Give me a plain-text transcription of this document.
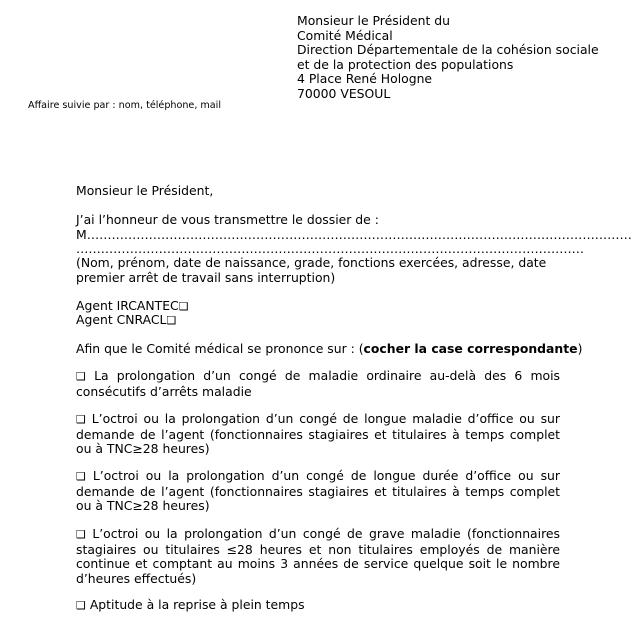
Monsieur le Président du
Comité Médical
Direction Départementale de la cohésion sociale
et de la protection des populations
4 Place René Hologne
70000 VESOUL
Affaire suivie par : nom, téléphone, mail
Monsieur le Président,
J’ai l’honneur de vous transmettre le dossier de :
M……………………………………………………………………………………………………………………
……………………………………………………………………………………………………………
(Nom, prénom, date de naissance, grade, fonctions exercées, adresse, date premier arrêt de travail sans interruption)
Agent IRCANTEC❑
Agent CNRACL❑
Afin que le Comité médical se prononce sur : (cocher la case correspondante)
❑ La prolongation d’un congé de maladie ordinaire au-delà des 6 mois consécutifs d’arrêts maladie
❑ L’octroi ou la prolongation d’un congé de longue maladie d’office ou sur demande de l’agent (fonctionnaires stagiaires et titulaires à temps complet ou à TNC≥28 heures)
❑ L’octroi ou la prolongation d’un congé de longue durée d’office ou sur demande de l’agent (fonctionnaires stagiaires et titulaires à temps complet ou à TNC≥28 heures)
❑ L’octroi ou la prolongation d’un congé de grave maladie (fonctionnaires stagiaires ou titulaires ≤28 heures et non titulaires employés de manière continue et comptant au moins 3 années de service quelque soit le nombre d’heures effectués)
❑ Aptitude à la reprise à plein temps
